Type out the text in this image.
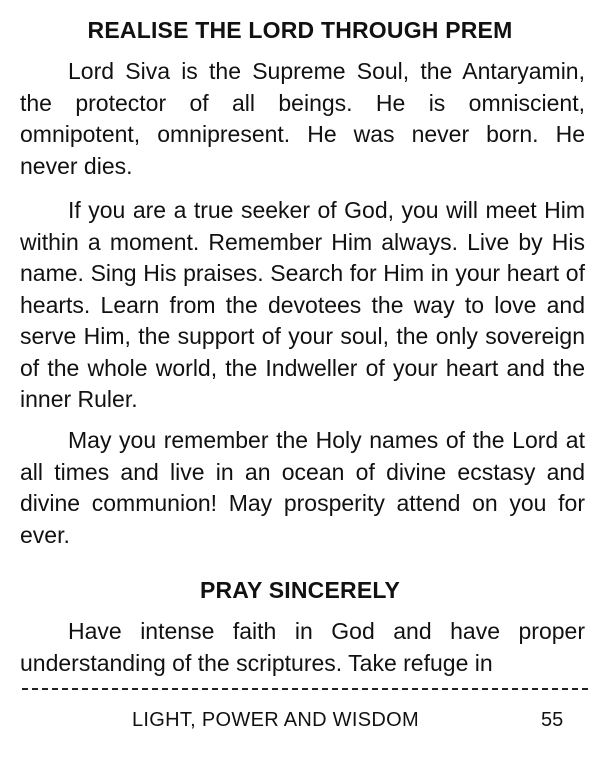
REALISE THE LORD THROUGH PREM

Lord Siva is the Supreme Soul, the Antaryamin, the protector of all beings. He is omniscient, omnipotent, omnipresent. He was never born. He never dies.

If you are a true seeker of God, you will meet Him within a moment. Remember Him always. Live by His name. Sing His praises. Search for Him in your heart of hearts. Learn from the devotees the way to love and serve Him, the support of your soul, the only sovereign of the whole world, the Indweller of your heart and the inner Ruler.

May you remember the Holy names of the Lord at all times and live in an ocean of divine ecstasy and divine communion! May prosperity attend on you for ever.

PRAY SINCERELY

Have intense faith in God and have proper understanding of the scriptures. Take refuge in

LIGHT, POWER AND WISDOM	55
